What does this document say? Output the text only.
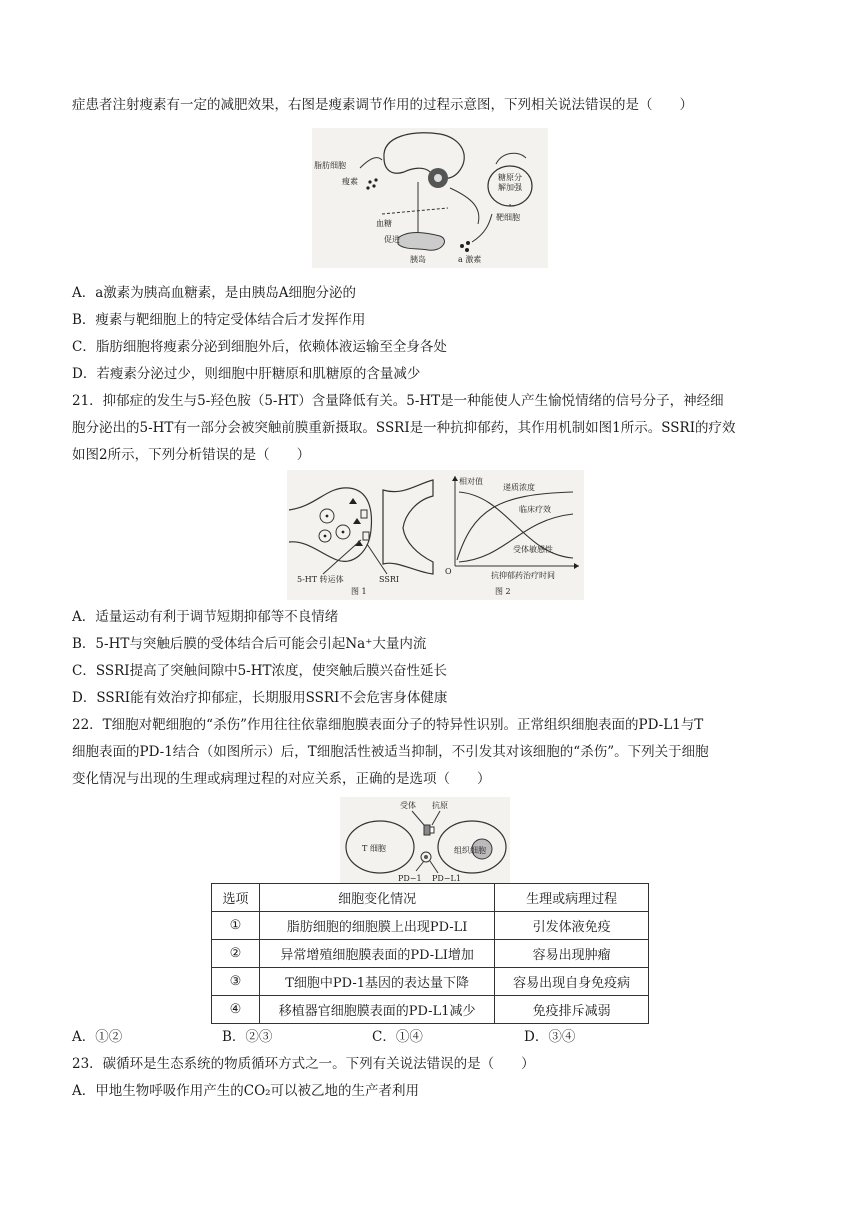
症患者注射瘦素有一定的减肥效果，右图是瘦素调节作用的过程示意图，下列相关说法错误的是（　　）
脂肪细胞
瘦素
血糖
促进
胰岛	a 激素
糖原分
解加强
靶细胞
A．a激素为胰高血糖素，是由胰岛A细胞分泌的
B．瘦素与靶细胞上的特定受体结合后才发挥作用
C．脂肪细胞将瘦素分泌到细胞外后，依赖体液运输至全身各处
D．若瘦素分泌过少，则细胞中肝糖原和肌糖原的含量减少
21．抑郁症的发生与5-羟色胺（5-HT）含量降低有关。5-HT是一种能使人产生愉悦情绪的信号分子，神经细
胞分泌出的5-HT有一部分会被突触前膜重新摄取。SSRI是一种抗抑郁药，其作用机制如图1所示。SSRI的疗效
如图2所示，下列分析错误的是（　　）
5-HT 转运体	SSRI
图 1
相对值
递质浓度
临床疗效
受体敏感性
O	抗抑郁药治疗时间
图 2
A．适量运动有利于调节短期抑郁等不良情绪
B．5-HT与突触后膜的受体结合后可能会引起Na⁺大量内流
C．SSRI提高了突触间隙中5-HT浓度，使突触后膜兴奋性延长
D．SSRI能有效治疗抑郁症，长期服用SSRI不会危害身体健康
22．T细胞对靶细胞的“杀伤”作用往往依靠细胞膜表面分子的特异性识别。正常组织细胞表面的PD-L1与T
细胞表面的PD-1结合（如图所示）后，T细胞活性被适当抑制，不引发其对该细胞的“杀伤”。下列关于细胞
变化情况与出现的生理或病理过程的对应关系，正确的是选项（　　）
受体 抗原
T 细胞	组织细胞
PD−1 PD−L1
选项	细胞变化情况	生理或病理过程
①	脂肪细胞的细胞膜上出现PD-LI	引发体液免疫
②	异常增殖细胞膜表面的PD-LI增加	容易出现肿瘤
③	T细胞中PD-1基因的表达量下降	容易出现自身免疫病
④	移植器官细胞膜表面的PD-L1减少	免疫排斥减弱
A．①②	B．②③	C．①④	D．③④
23．碳循环是生态系统的物质循环方式之一。下列有关说法错误的是（　　）
A．甲地生物呼吸作用产生的CO₂可以被乙地的生产者利用
